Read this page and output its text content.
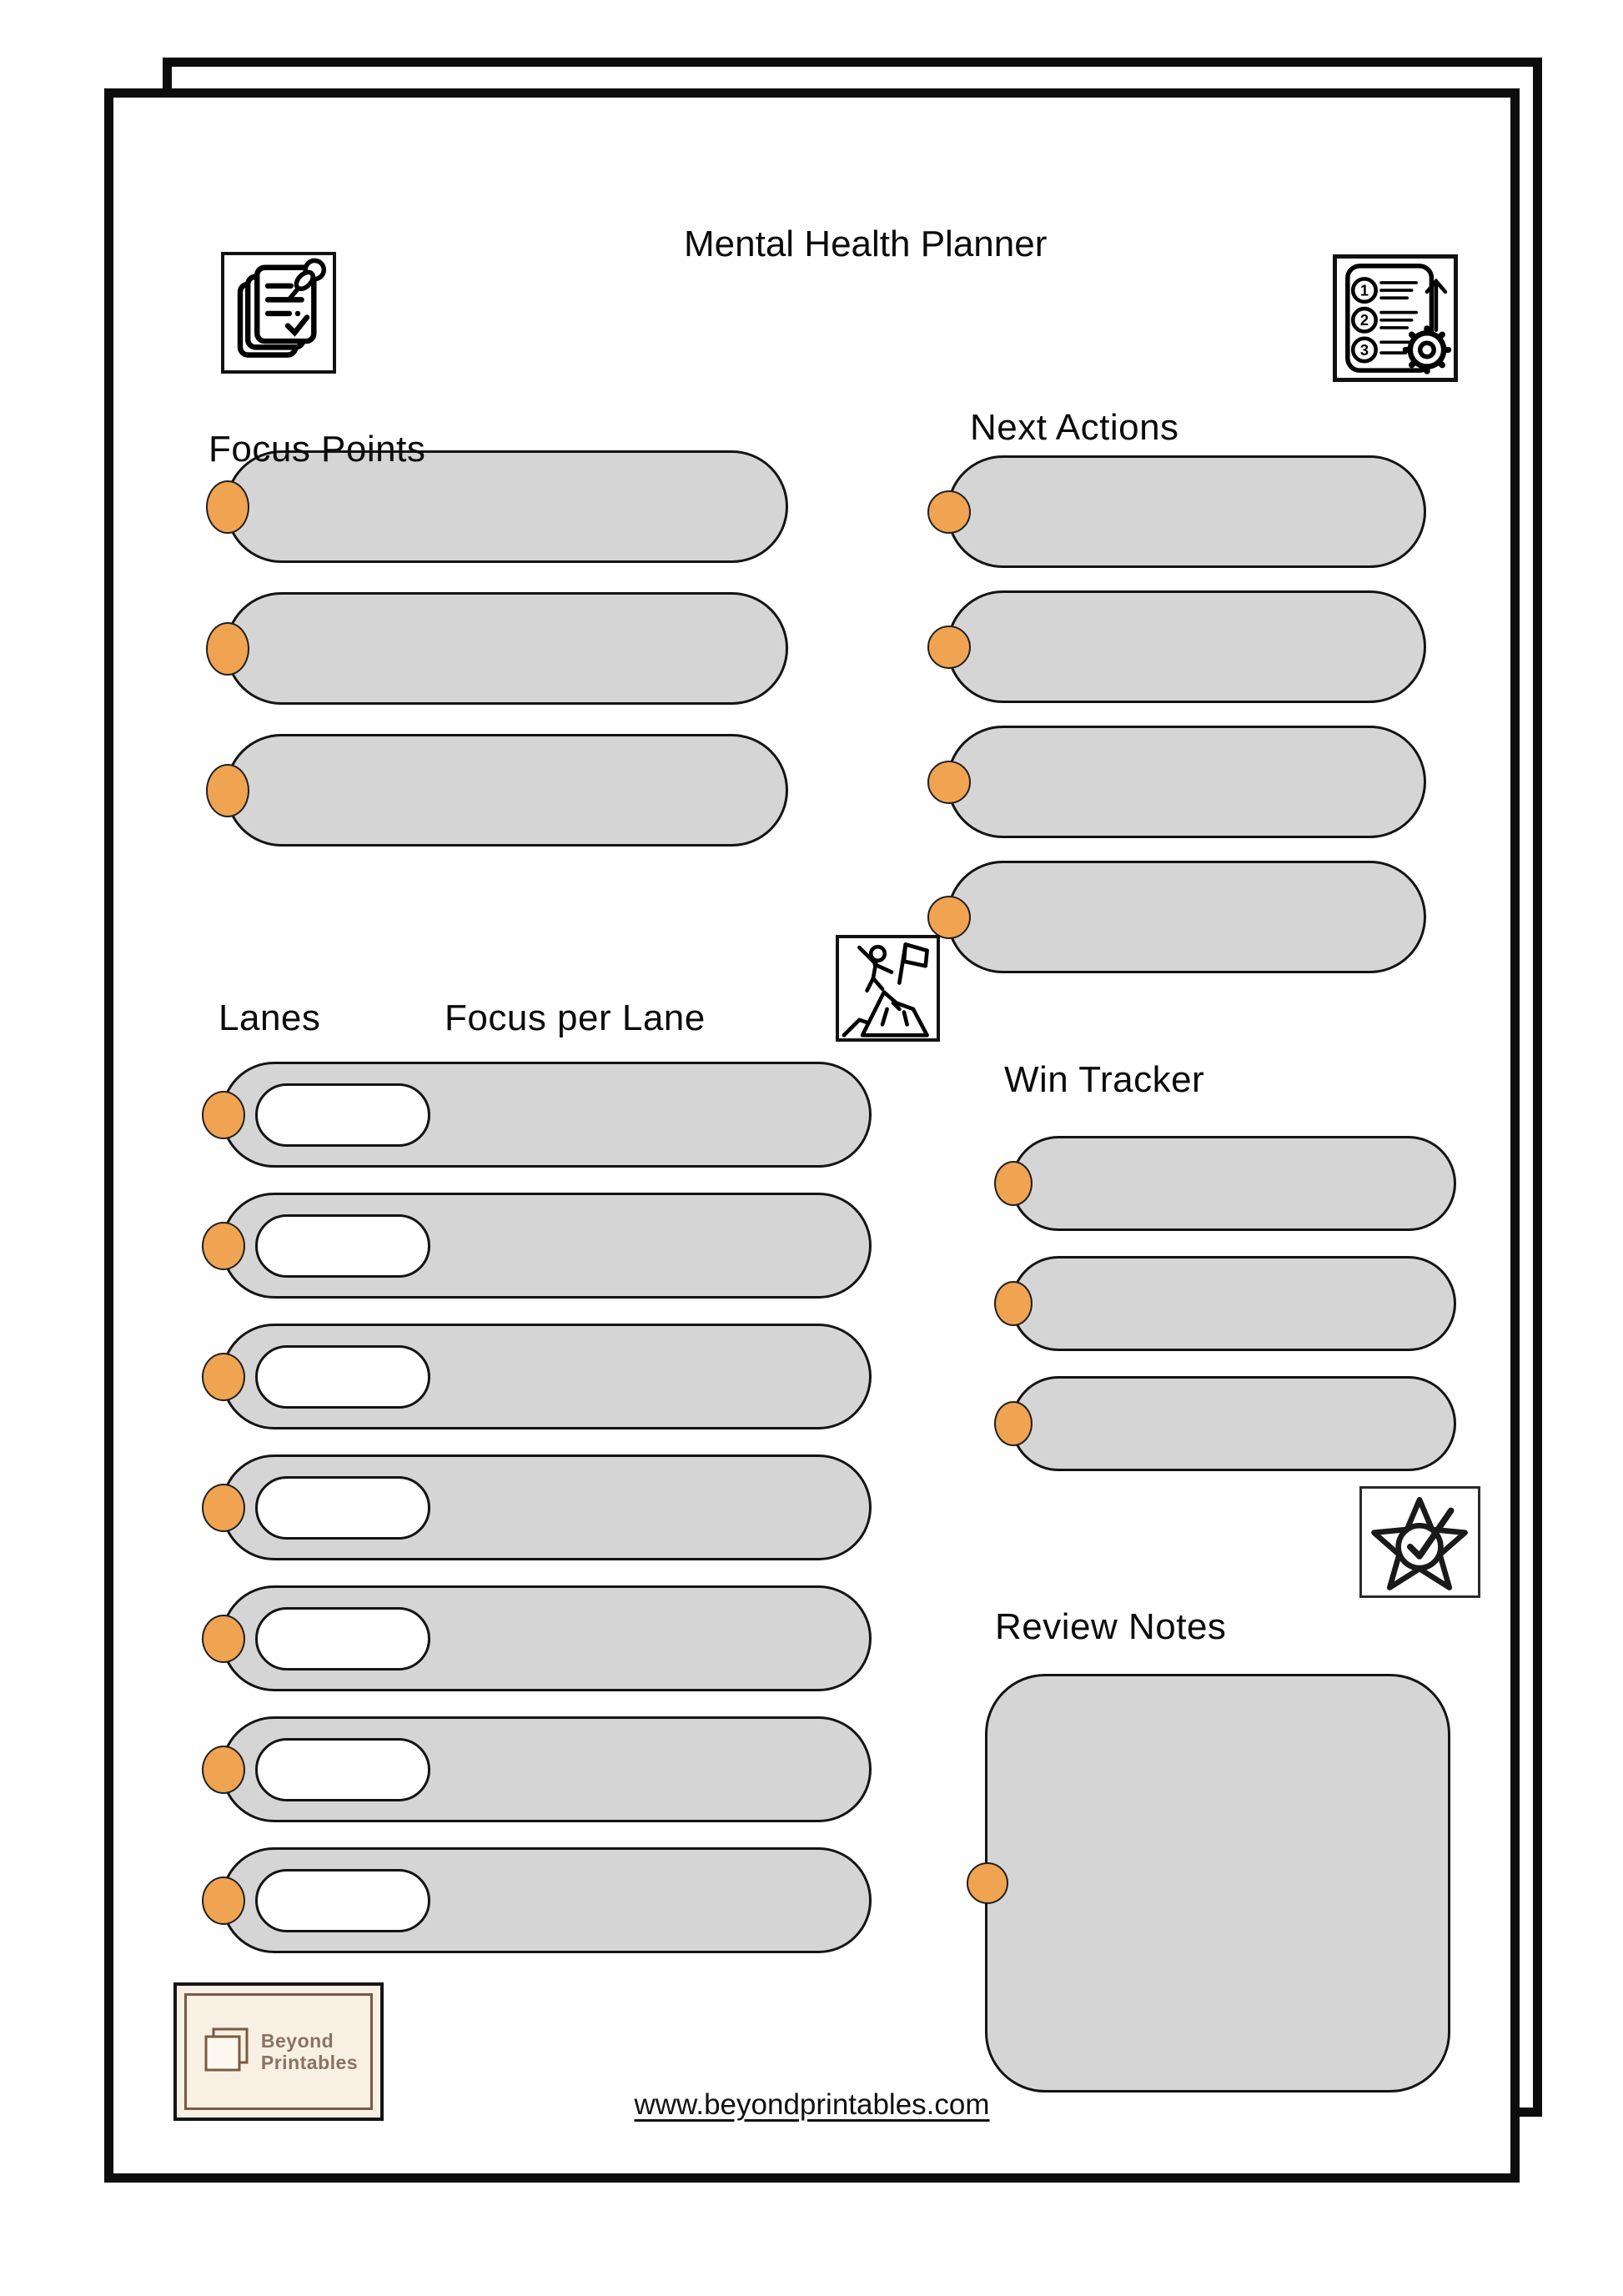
Mental Health Planner
1
2
3
Focus Points
Next Actions
Lanes	Focus per Lane
Win Tracker
Review Notes
Beyond
Printables
www.beyondprintables.com
